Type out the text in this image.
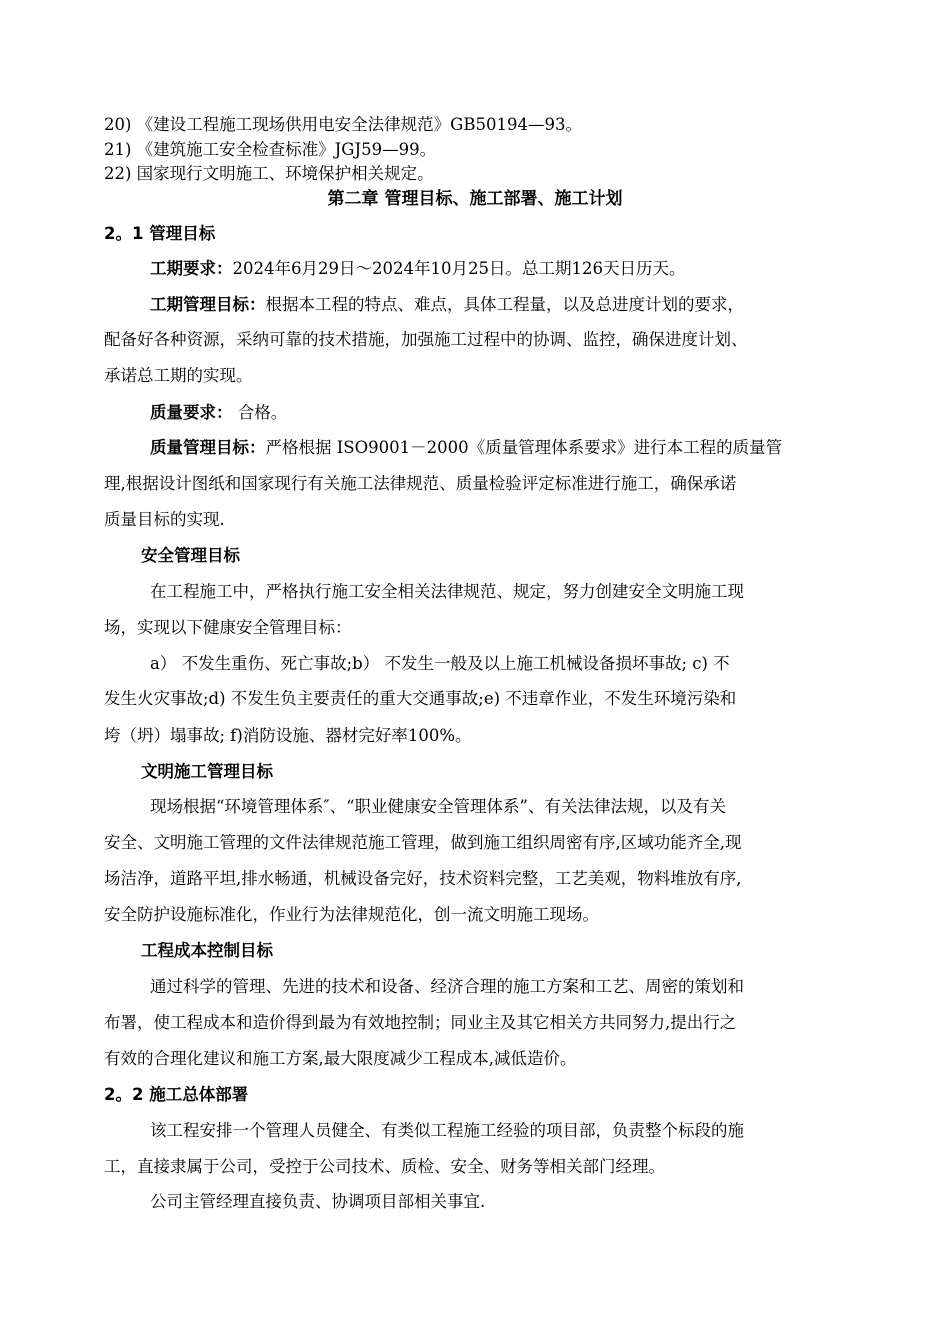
20) 《建设工程施工现场供用电安全法律规范》GB50194—93。
21) 《建筑施工安全检查标准》JGJ59—99。
22) 国家现行文明施工、环境保护相关规定。
第二章 管理目标、施工部署、施工计划
2。1 管理目标
工期要求：2024年6月29日～2024年10月25日。总工期126天日历天。
工期管理目标：根据本工程的特点、难点，具体工程量，以及总进度计划的要求，
配备好各种资源，采纳可靠的技术措施，加强施工过程中的协调、监控，确保进度计划、
承诺总工期的实现。
质量要求： 合格。
质量管理目标：严格根据 ISO9001－2000《质量管理体系要求》进行本工程的质量管
理,根据设计图纸和国家现行有关施工法律规范、质量检验评定标准进行施工，确保承诺
质量目标的实现.
安全管理目标
在工程施工中，严格执行施工安全相关法律规范、规定，努力创建安全文明施工现
场，实现以下健康安全管理目标：
a） 不发生重伤、死亡事故;b） 不发生一般及以上施工机械设备损坏事故; c) 不
发生火灾事故;d) 不发生负主要责任的重大交通事故;e) 不违章作业，不发生环境污染和
垮（坍）塌事故; f)消防设施、器材完好率100%。
文明施工管理目标
现场根据“环境管理体系″、“职业健康安全管理体系”、有关法律法规，以及有关
安全、文明施工管理的文件法律规范施工管理，做到施工组织周密有序,区域功能齐全,现
场洁净，道路平坦,排水畅通，机械设备完好，技术资料完整，工艺美观，物料堆放有序,
安全防护设施标准化，作业行为法律规范化，创一流文明施工现场。
工程成本控制目标
通过科学的管理、先进的技术和设备、经济合理的施工方案和工艺、周密的策划和
布署，使工程成本和造价得到最为有效地控制；同业主及其它相关方共同努力,提出行之
有效的合理化建议和施工方案,最大限度减少工程成本,减低造价。
2。2 施工总体部署
该工程安排一个管理人员健全、有类似工程施工经验的项目部，负责整个标段的施
工，直接隶属于公司，受控于公司技术、质检、安全、财务等相关部门经理。
公司主管经理直接负责、协调项目部相关事宜.
